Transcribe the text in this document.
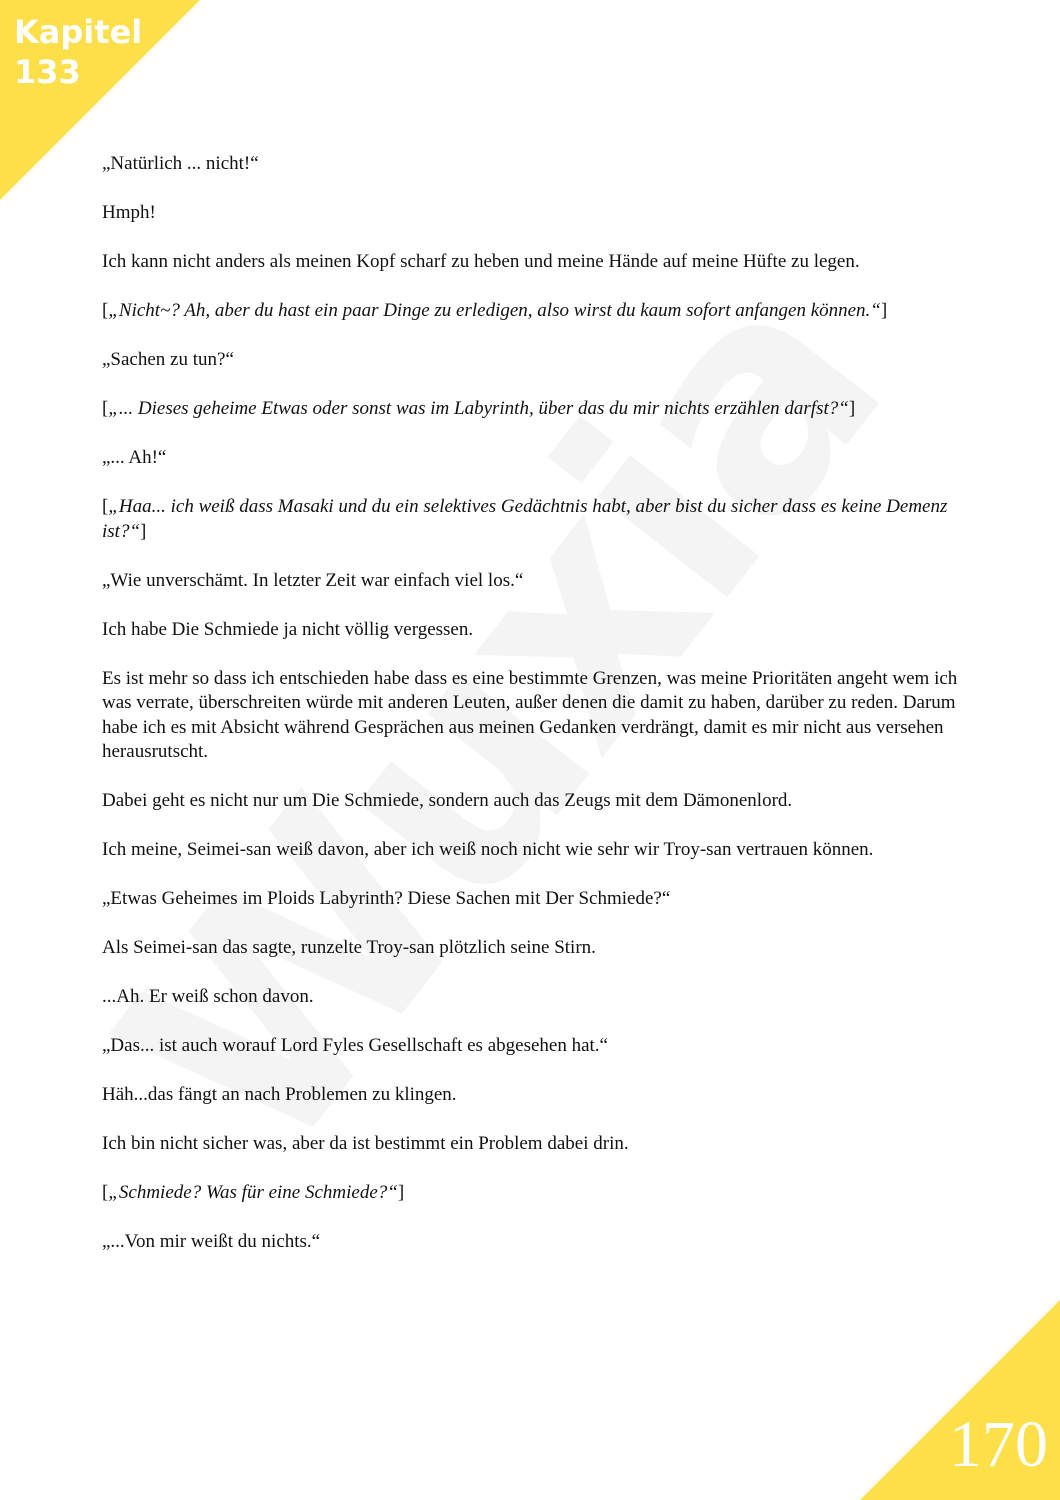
Kapitel
133

„Natürlich ... nicht!“

Hmph!

Ich kann nicht anders als meinen Kopf scharf zu heben und meine Hände auf meine Hüfte zu legen.

[„Nicht~? Ah, aber du hast ein paar Dinge zu erledigen, also wirst du kaum sofort anfangen können.“]

„Sachen zu tun?“

[„... Dieses geheime Etwas oder sonst was im Labyrinth, über das du mir nichts erzählen darfst?“]

„... Ah!“

[„Haa... ich weiß dass Masaki und du ein selektives Gedächtnis habt, aber bist du sicher dass es keine Demenz ist?“]

„Wie unverschämt. In letzter Zeit war einfach viel los.“

Ich habe Die Schmiede ja nicht völlig vergessen.

Es ist mehr so dass ich entschieden habe dass es eine bestimmte Grenzen, was meine Prioritäten angeht wem ich was verrate, überschreiten würde mit anderen Leuten, außer denen die damit zu haben, darüber zu reden. Darum habe ich es mit Absicht während Gesprächen aus meinen Gedanken verdrängt, damit es mir nicht aus versehen herausrutscht.

Dabei geht es nicht nur um Die Schmiede, sondern auch das Zeugs mit dem Dämonenlord.

Ich meine, Seimei-san weiß davon, aber ich weiß noch nicht wie sehr wir Troy-san vertrauen können.

„Etwas Geheimes im Ploids Labyrinth? Diese Sachen mit Der Schmiede?“

Als Seimei-san das sagte, runzelte Troy-san plötzlich seine Stirn.

...Ah. Er weiß schon davon.

„Das... ist auch worauf Lord Fyles Gesellschaft es abgesehen hat.“

Häh...das fängt an nach Problemen zu klingen.

Ich bin nicht sicher was, aber da ist bestimmt ein Problem dabei drin.

[„Schmiede? Was für eine Schmiede?“]

„...Von mir weißt du nichts.“

170
